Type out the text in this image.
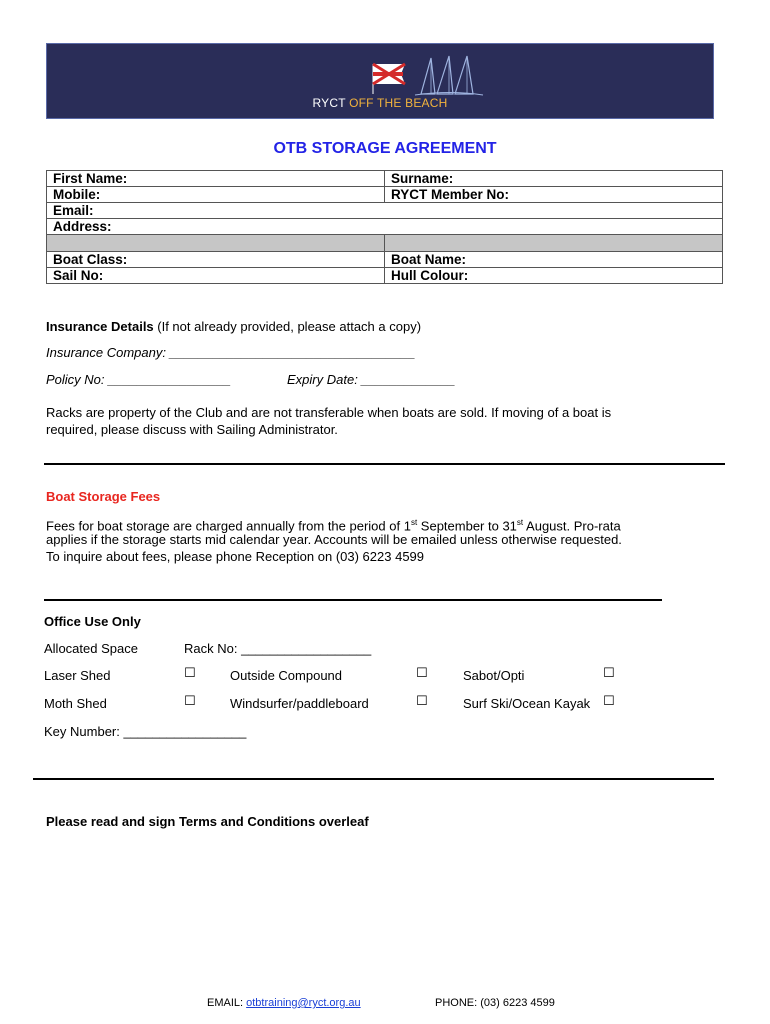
RYCT OFF THE BEACH
OTB STORAGE AGREEMENT
First Name:	Surname:
Mobile:	RYCT Member No:
Email:	
Address:	

Boat Class:	Boat Name:
Sail No:	Hull Colour:
Insurance Details (If not already provided, please attach a copy)
Insurance Company: __________________________________
Policy No: _________________	Expiry Date: _____________
Racks are property of the Club and are not transferable when boats are sold. If moving of a boat is
required, please discuss with Sailing Administrator.
Boat Storage Fees
Fees for boat storage are charged annually from the period of 1st September to 31st August. Pro-rata
applies if the storage starts mid calendar year. Accounts will be emailed unless otherwise requested.
To inquire about fees, please phone Reception on (03) 6223 4599
Office Use Only
Allocated Space	Rack No: __________________
Laser Shed	☐	Outside Compound	☐	Sabot/Opti	☐
Moth Shed	☐	Windsurfer/paddleboard	☐	Surf Ski/Ocean Kayak ☐
Key Number: _________________
Please read and sign Terms and Conditions overleaf
EMAIL: otbtraining@ryct.org.au	PHONE: (03) 6223 4599
